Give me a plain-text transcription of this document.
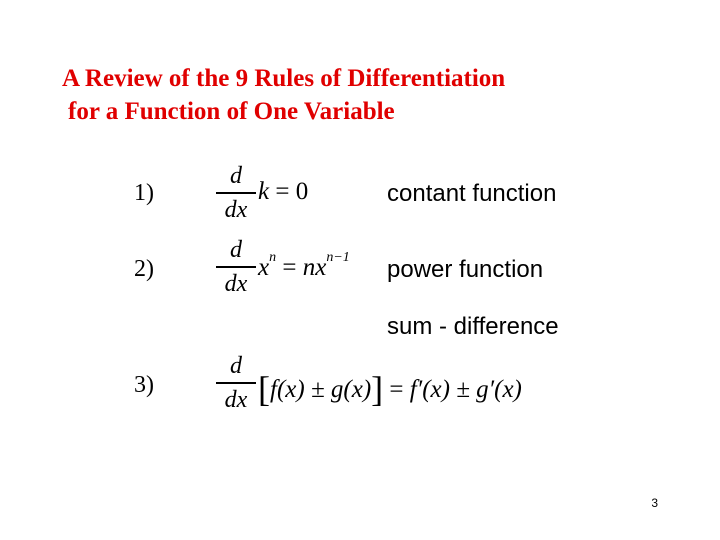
A Review of the 9 Rules of Differentiation
for a Function of One Variable
1)
d
dx
k = 0	contant function
2)
d
dx
$x^n = nx^{n-1}$ power function
sum - difference
3)
d
dx [f(x) ± g(x)] = f′(x) ± g′(x)
3
